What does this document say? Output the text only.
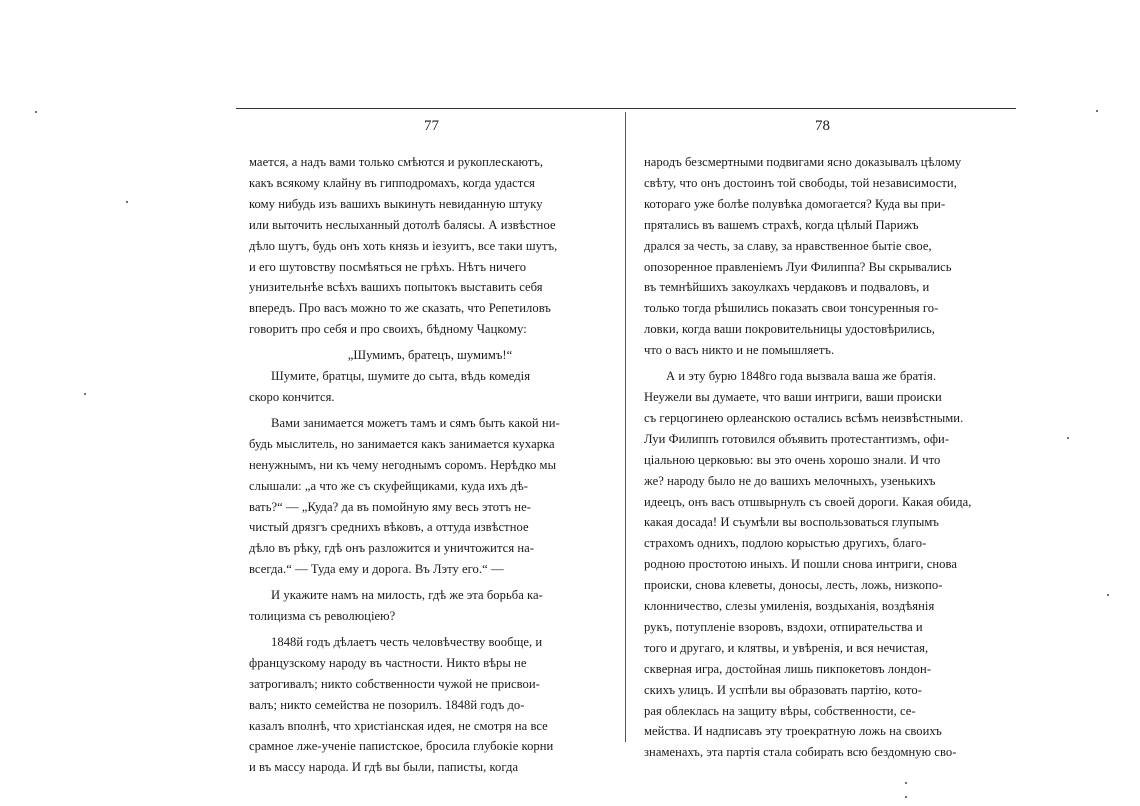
77	78
мается, а надъ вами только смѣются и рукоплескаютъ,
какъ всякому клайну въ гипподромахъ, когда удастся
кому нибудь изъ вашихъ выкинуть невиданную штуку
или выточить неслыханный дотолѣ балясы. А извѣстное
дѣло шутъ, будь онъ хоть князь и іезуитъ, все таки шутъ,
и его шутовству посмѣяться не грѣхъ. Нѣтъ ничего
унизительнѣе всѣхъ вашихъ попытокъ выставить себя
впередъ. Про васъ можно то же сказать, что Репетиловъ
говоритъ про себя и про своихъ, бѣдному Чацкому:
„Шумимъ, братецъ, шумимъ!“
Шумите, братцы, шумите до сыта, вѣдь комедія
скоро кончится.
Вами занимается можетъ тамъ и сямъ быть какой ни-
будь мыслитель, но занимается какъ занимается кухарка
ненужнымъ, ни къ чему негоднымъ соромъ. Нерѣдко мы
слышали: „а что же съ скуфейщиками, куда ихъ дѣ-
вать?“ — „Куда? да въ помойную яму весь этотъ не-
чистый дрязгъ среднихъ вѣковъ, а оттуда извѣстное
дѣло въ рѣку, гдѣ онъ разложится и уничтожится на-
всегда.“ — Туда ему и дорога. Въ Лэту его.“ —
И укажите намъ на милость, гдѣ же эта борьба ка-
толицизма съ революціею?
1848й годъ дѣлаетъ честь человѣчеству вообще, и
французскому народу въ частности. Никто вѣры не
затрогивалъ; никто собственности чужой не присвои-
валъ; никто семейства не позорилъ. 1848й годъ до-
казалъ вполнѣ, что христіанская идея, не смотря на все
срамное лже-ученіе папистское, бросила глубокіе корни
и въ массу народа. И гдѣ вы были, паписты, когда
народъ безсмертными подвигами ясно доказывалъ цѣлому
свѣту, что онъ достоинъ той свободы, той независимости,
котораго уже болѣе полувѣка домогается? Куда вы при-
прятались въ вашемъ страхѣ, когда цѣлый Парижъ
дрался за честь, за славу, за нравственное бытіе свое,
опозоренное правленіемъ Луи Филиппа? Вы скрывались
въ темнѣйшихъ закоулкахъ чердаковъ и подваловъ, и
только тогда рѣшились показать свои тонсуренныя го-
ловки, когда ваши покровительницы удостовѣрились,
что о васъ никто и не помышляетъ.
А и эту бурю 1848го года вызвала ваша же братія.
Неужели вы думаете, что ваши интриги, ваши происки
съ герцогинею орлеанскою остались всѣмъ неизвѣстными.
Луи Филиппъ готовился объявить протестантизмъ, офи-
ціальною церковью: вы это очень хорошо знали. И что
же? народу было не до вашихъ мелочныхъ, узенькихъ
идеецъ, онъ васъ отшвырнулъ съ своей дороги. Какая обида,
какая досада! И съумѣли вы воспользоваться глупымъ
страхомъ однихъ, подлою корыстью другихъ, благо-
родною простотою иныхъ. И пошли снова интриги, снова
происки, снова клеветы, доносы, лесть, ложь, низкопо-
клонничество, слезы умиленія, воздыханія, воздѣянія
рукъ, потупленіе взоровъ, вздохи, отпирательства и
того и другаго, и клятвы, и увѣренія, и вся нечистая,
скверная игра, достойная лишь пикпокетовъ лондон-
скихъ улицъ. И успѣли вы образовать партію, кото-
рая облеклась на защиту вѣры, собственности, се-
мейства. И надписавъ эту троекратную ложь на своихъ
знаменахъ, эта партія стала собирать всю бездомную сво-
